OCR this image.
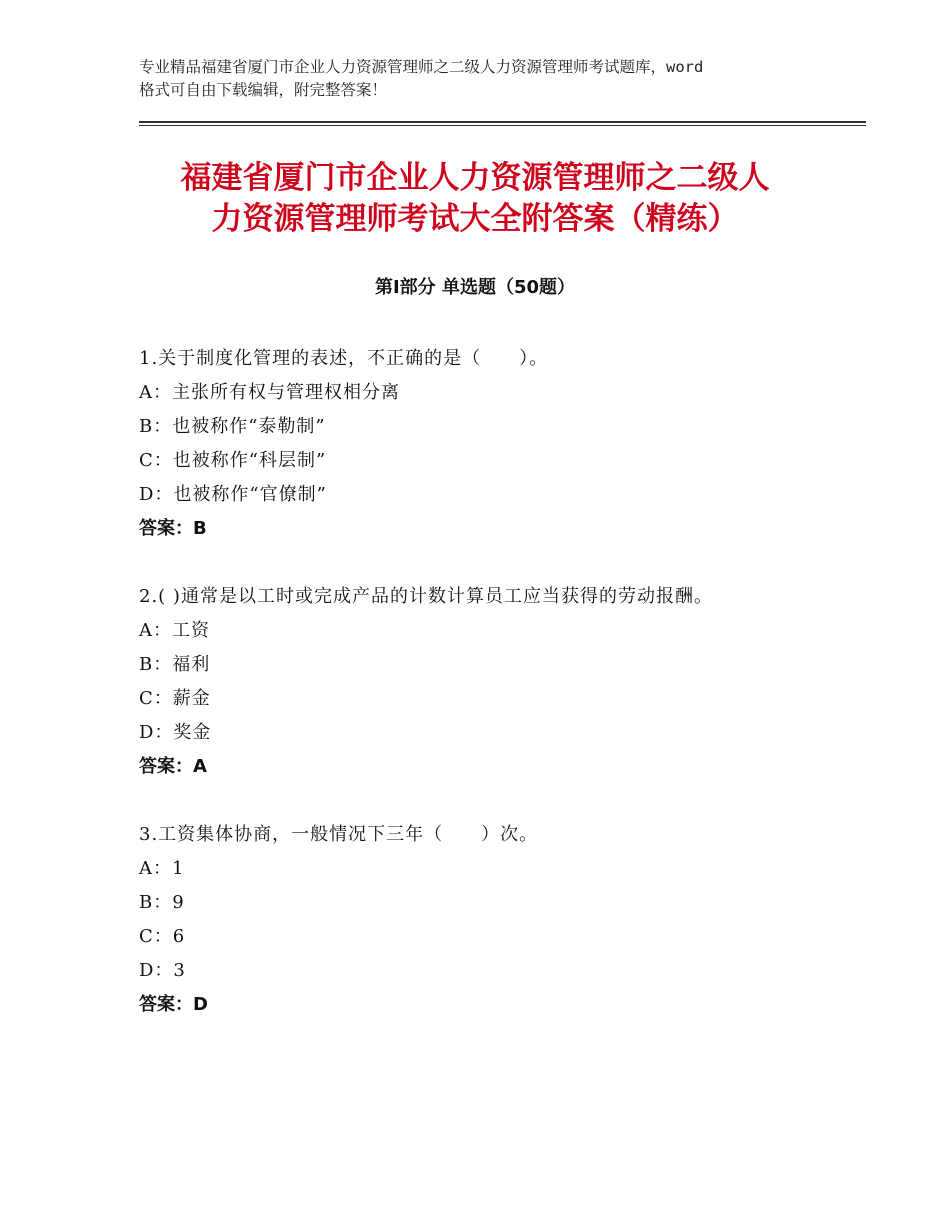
专业精品福建省厦门市企业人力资源管理师之二级人力资源管理师考试题库，word
格式可自由下载编辑，附完整答案！
福建省厦门市企业人力资源管理师之二级人
力资源管理师考试大全附答案（精练）
第Ⅰ部分 单选题（50题）
1.关于制度化管理的表述，不正确的是（　　）。
A：主张所有权与管理权相分离
B：也被称作“泰勒制”
C：也被称作“科层制”
D：也被称作“官僚制”
答案：B
2.( )通常是以工时或完成产品的计数计算员工应当获得的劳动报酬。
A：工资
B：福利
C：薪金
D：奖金
答案：A
3.工资集体协商，一般情况下三年（　　）次。
A：1
B：9
C：6
D：3
答案：D
